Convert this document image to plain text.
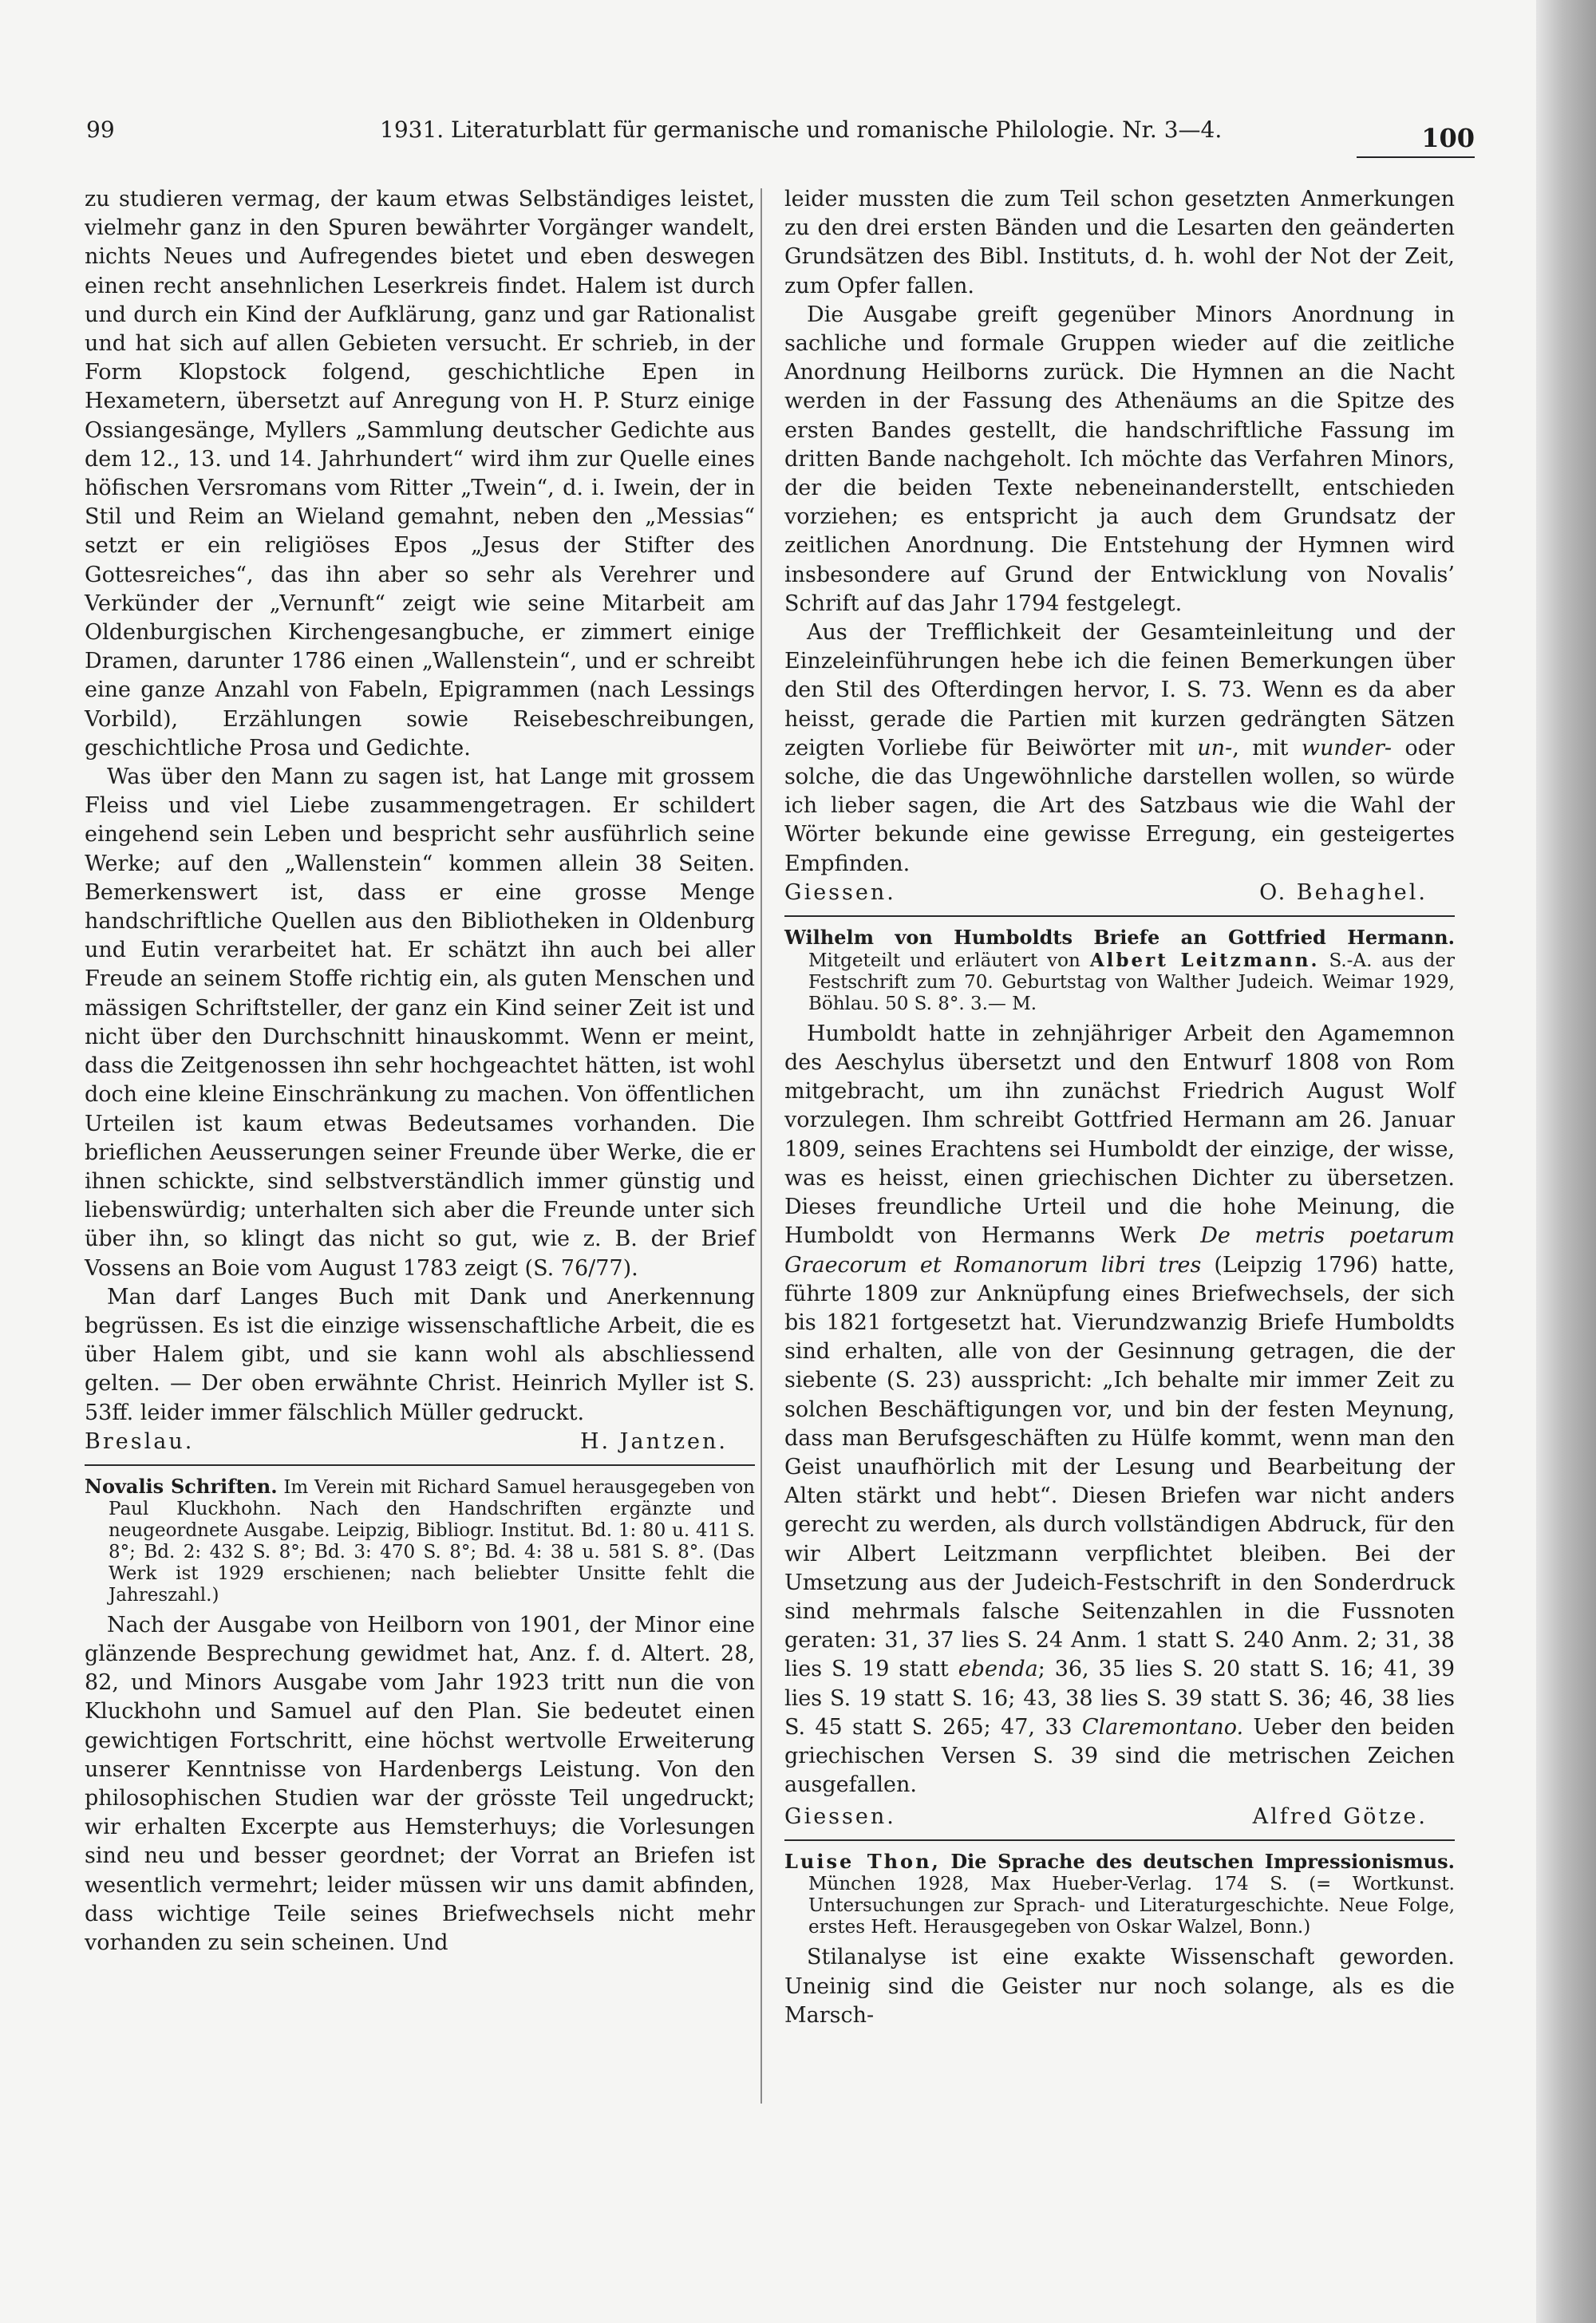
99	1931. Literaturblatt für germanische und romanische Philologie. Nr. 3—4.	100

zu studieren vermag, der kaum etwas Selbständiges leistet, vielmehr ganz in den Spuren bewährter Vorgänger wandelt, nichts Neues und Aufregendes bietet und eben deswegen einen recht ansehnlichen Leserkreis findet. Halem ist durch und durch ein Kind der Aufklärung, ganz und gar Rationalist und hat sich auf allen Gebieten versucht. Er schrieb, in der Form Klopstock folgend, geschichtliche Epen in Hexametern, übersetzt auf Anregung von H. P. Sturz einige Ossiangesänge, Myllers „Sammlung deutscher Gedichte aus dem 12., 13. und 14. Jahrhundert“ wird ihm zur Quelle eines höfischen Versromans vom Ritter „Twein“, d. i. Iwein, der in Stil und Reim an Wieland gemahnt, neben den „Messias“ setzt er ein religiöses Epos „Jesus der Stifter des Gottesreiches“, das ihn aber so sehr als Verehrer und Verkünder der „Vernunft“ zeigt wie seine Mitarbeit am Oldenburgischen Kirchengesangbuche, er zimmert einige Dramen, darunter 1786 einen „Wallenstein“, und er schreibt eine ganze Anzahl von Fabeln, Epigrammen (nach Lessings Vorbild), Erzählungen sowie Reisebeschreibungen, geschichtliche Prosa und Gedichte.

Was über den Mann zu sagen ist, hat Lange mit grossem Fleiss und viel Liebe zusammengetragen. Er schildert eingehend sein Leben und bespricht sehr ausführlich seine Werke; auf den „Wallenstein“ kommen allein 38 Seiten. Bemerkenswert ist, dass er eine grosse Menge handschriftliche Quellen aus den Bibliotheken in Oldenburg und Eutin verarbeitet hat. Er schätzt ihn auch bei aller Freude an seinem Stoffe richtig ein, als guten Menschen und mässigen Schriftsteller, der ganz ein Kind seiner Zeit ist und nicht über den Durchschnitt hinauskommt. Wenn er meint, dass die Zeitgenossen ihn sehr hochgeachtet hätten, ist wohl doch eine kleine Einschränkung zu machen. Von öffentlichen Urteilen ist kaum etwas Bedeutsames vorhanden. Die brieflichen Aeusserungen seiner Freunde über Werke, die er ihnen schickte, sind selbstverständlich immer günstig und liebenswürdig; unterhalten sich aber die Freunde unter sich über ihn, so klingt das nicht so gut, wie z. B. der Brief Vossens an Boie vom August 1783 zeigt (S. 76/77).

Man darf Langes Buch mit Dank und Anerkennung begrüssen. Es ist die einzige wissenschaftliche Arbeit, die es über Halem gibt, und sie kann wohl als abschliessend gelten. — Der oben erwähnte Christ. Heinrich Myller ist S. 53ff. leider immer fälschlich Müller gedruckt.

Breslau.	H. Jantzen.
Novalis Schriften. Im Verein mit Richard Samuel herausgegeben von Paul Kluckhohn. Nach den Handschriften ergänzte und neugeordnete Ausgabe. Leipzig, Bibliogr. Institut. Bd. 1: 80 u. 411 S. 8°; Bd. 2: 432 S. 8°; Bd. 3: 470 S. 8°; Bd. 4: 38 u. 581 S. 8°. (Das Werk ist 1929 erschienen; nach beliebter Unsitte fehlt die Jahreszahl.)

Nach der Ausgabe von Heilborn von 1901, der Minor eine glänzende Besprechung gewidmet hat, Anz. f. d. Altert. 28, 82, und Minors Ausgabe vom Jahr 1923 tritt nun die von Kluckhohn und Samuel auf den Plan. Sie bedeutet einen gewichtigen Fortschritt, eine höchst wertvolle Erweiterung unserer Kenntnisse von Hardenbergs Leistung. Von den philosophischen Studien war der grösste Teil ungedruckt; wir erhalten Excerpte aus Hemsterhuys; die Vorlesungen sind neu und besser geordnet; der Vorrat an Briefen ist wesentlich vermehrt; leider müssen wir uns damit abfinden, dass wichtige Teile seines Briefwechsels nicht mehr vorhanden zu sein scheinen. Und

leider mussten die zum Teil schon gesetzten Anmerkungen zu den drei ersten Bänden und die Lesarten den geänderten Grundsätzen des Bibl. Instituts, d. h. wohl der Not der Zeit, zum Opfer fallen.

Die Ausgabe greift gegenüber Minors Anordnung in sachliche und formale Gruppen wieder auf die zeitliche Anordnung Heilborns zurück. Die Hymnen an die Nacht werden in der Fassung des Athenäums an die Spitze des ersten Bandes gestellt, die handschriftliche Fassung im dritten Bande nachgeholt. Ich möchte das Verfahren Minors, der die beiden Texte nebeneinanderstellt, entschieden vorziehen; es entspricht ja auch dem Grundsatz der zeitlichen Anordnung. Die Entstehung der Hymnen wird insbesondere auf Grund der Entwicklung von Novalis’ Schrift auf das Jahr 1794 festgelegt.

Aus der Trefflichkeit der Gesamteinleitung und der Einzeleinführungen hebe ich die feinen Bemerkungen über den Stil des Ofterdingen hervor, I. S. 73. Wenn es da aber heisst, gerade die Partien mit kurzen gedrängten Sätzen zeigten Vorliebe für Beiwörter mit un-, mit wunder- oder solche, die das Ungewöhnliche darstellen wollen, so würde ich lieber sagen, die Art des Satzbaus wie die Wahl der Wörter bekunde eine gewisse Erregung, ein gesteigertes Empfinden.

Giessen.	O. Behaghel.
Wilhelm von Humboldts Briefe an Gottfried Hermann. Mitgeteilt und erläutert von Albert Leitzmann. S.-A. aus der Festschrift zum 70. Geburtstag von Walther Judeich. Weimar 1929, Böhlau. 50 S. 8°. 3.— M.

Humboldt hatte in zehnjähriger Arbeit den Agamemnon des Aeschylus übersetzt und den Entwurf 1808 von Rom mitgebracht, um ihn zunächst Friedrich August Wolf vorzulegen. Ihm schreibt Gottfried Hermann am 26. Januar 1809, seines Erachtens sei Humboldt der einzige, der wisse, was es heisst, einen griechischen Dichter zu übersetzen. Dieses freundliche Urteil und die hohe Meinung, die Humboldt von Hermanns Werk De metris poetarum Graecorum et Romanorum libri tres (Leipzig 1796) hatte, führte 1809 zur Anknüpfung eines Briefwechsels, der sich bis 1821 fortgesetzt hat. Vierundzwanzig Briefe Humboldts sind erhalten, alle von der Gesinnung getragen, die der siebente (S. 23) ausspricht: „Ich behalte mir immer Zeit zu solchen Beschäftigungen vor, und bin der festen Meynung, dass man Berufsgeschäften zu Hülfe kommt, wenn man den Geist unaufhörlich mit der Lesung und Bearbeitung der Alten stärkt und hebt“. Diesen Briefen war nicht anders gerecht zu werden, als durch vollständigen Abdruck, für den wir Albert Leitzmann verpflichtet bleiben. Bei der Umsetzung aus der Judeich-Festschrift in den Sonderdruck sind mehrmals falsche Seitenzahlen in die Fussnoten geraten: 31, 37 lies S. 24 Anm. 1 statt S. 240 Anm. 2; 31, 38 lies S. 19 statt ebenda; 36, 35 lies S. 20 statt S. 16; 41, 39 lies S. 19 statt S. 16; 43, 38 lies S. 39 statt S. 36; 46, 38 lies S. 45 statt S. 265; 47, 33 Claremontano. Ueber den beiden griechischen Versen S. 39 sind die metrischen Zeichen ausgefallen.

Giessen.	Alfred Götze.
Luise Thon, Die Sprache des deutschen Impressionismus. München 1928, Max Hueber-Verlag. 174 S. (= Wortkunst. Untersuchungen zur Sprach- und Literaturgeschichte. Neue Folge, erstes Heft. Herausgegeben von Oskar Walzel, Bonn.)

Stilanalyse ist eine exakte Wissenschaft geworden. Uneinig sind die Geister nur noch solange, als es die Marsch-
